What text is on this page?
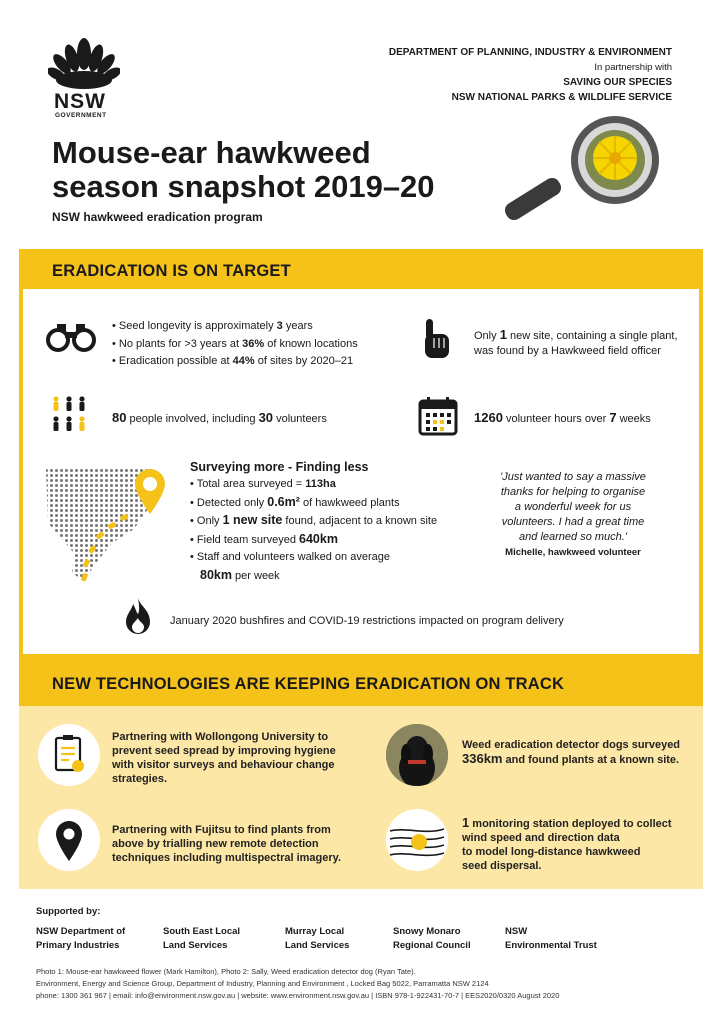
NSW
GOVERNMENT
DEPARTMENT OF PLANNING, INDUSTRY & ENVIRONMENT
In partnership with
SAVING OUR SPECIES
NSW NATIONAL PARKS & WILDLIFE SERVICE
Mouse-ear hawkweed
season snapshot 2019–20
NSW hawkweed eradication program
ERADICATION IS ON TARGET
• Seed longevity is approximately 3 years
• No plants for >3 years at 36% of known locations
• Eradication possible at 44% of sites by 2020–21
Only 1 new site, containing a single plant,
was found by a Hawkweed field officer
80 people involved, including 30 volunteers	1260 volunteer hours over 7 weeks
Surveying more - Finding less
• Total area surveyed = 113ha
• Detected only 0.6m² of hawkweed plants
• Only 1 new site found, adjacent to a known site
• Field team surveyed 640km
• Staff and volunteers walked on average
80km per week
'Just wanted to say a massive
thanks for helping to organise
a wonderful week for us
volunteers. I had a great time
and learned so much.'
Michelle, hawkweed volunteer
January 2020 bushfires and COVID-19 restrictions impacted on program delivery
NEW TECHNOLOGIES ARE KEEPING ERADICATION ON TRACK
Partnering with Wollongong University to
prevent seed spread by improving hygiene
with visitor surveys and behaviour change
strategies.
Partnering with Fujitsu to find plants from
above by trialling new remote detection
techniques including multispectral imagery.
Weed eradication detector dogs surveyed
336km and found plants at a known site.
1 monitoring station deployed to collect
wind speed and direction data
to model long-distance hawkweed
seed dispersal.
Supported by:
NSW Department of
Primary Industries
South East Local
Land Services
Murray Local
Land Services
Snowy Monaro
Regional Council
NSW
Environmental Trust
Photo 1: Mouse-ear hawkweed flower (Mark Hamilton), Photo 2: Sally, Weed eradication detector dog (Ryan Tate).
Environment, Energy and Science Group, Department of Industry, Planning and Environment , Locked Bag 5022, Parramatta NSW 2124
phone: 1300 361 967 | email: info@environment.nsw.gov.au | website: www.environment.nsw.gov.au | ISBN 978-1-922431-70-7 | EES2020/0320 August 2020
